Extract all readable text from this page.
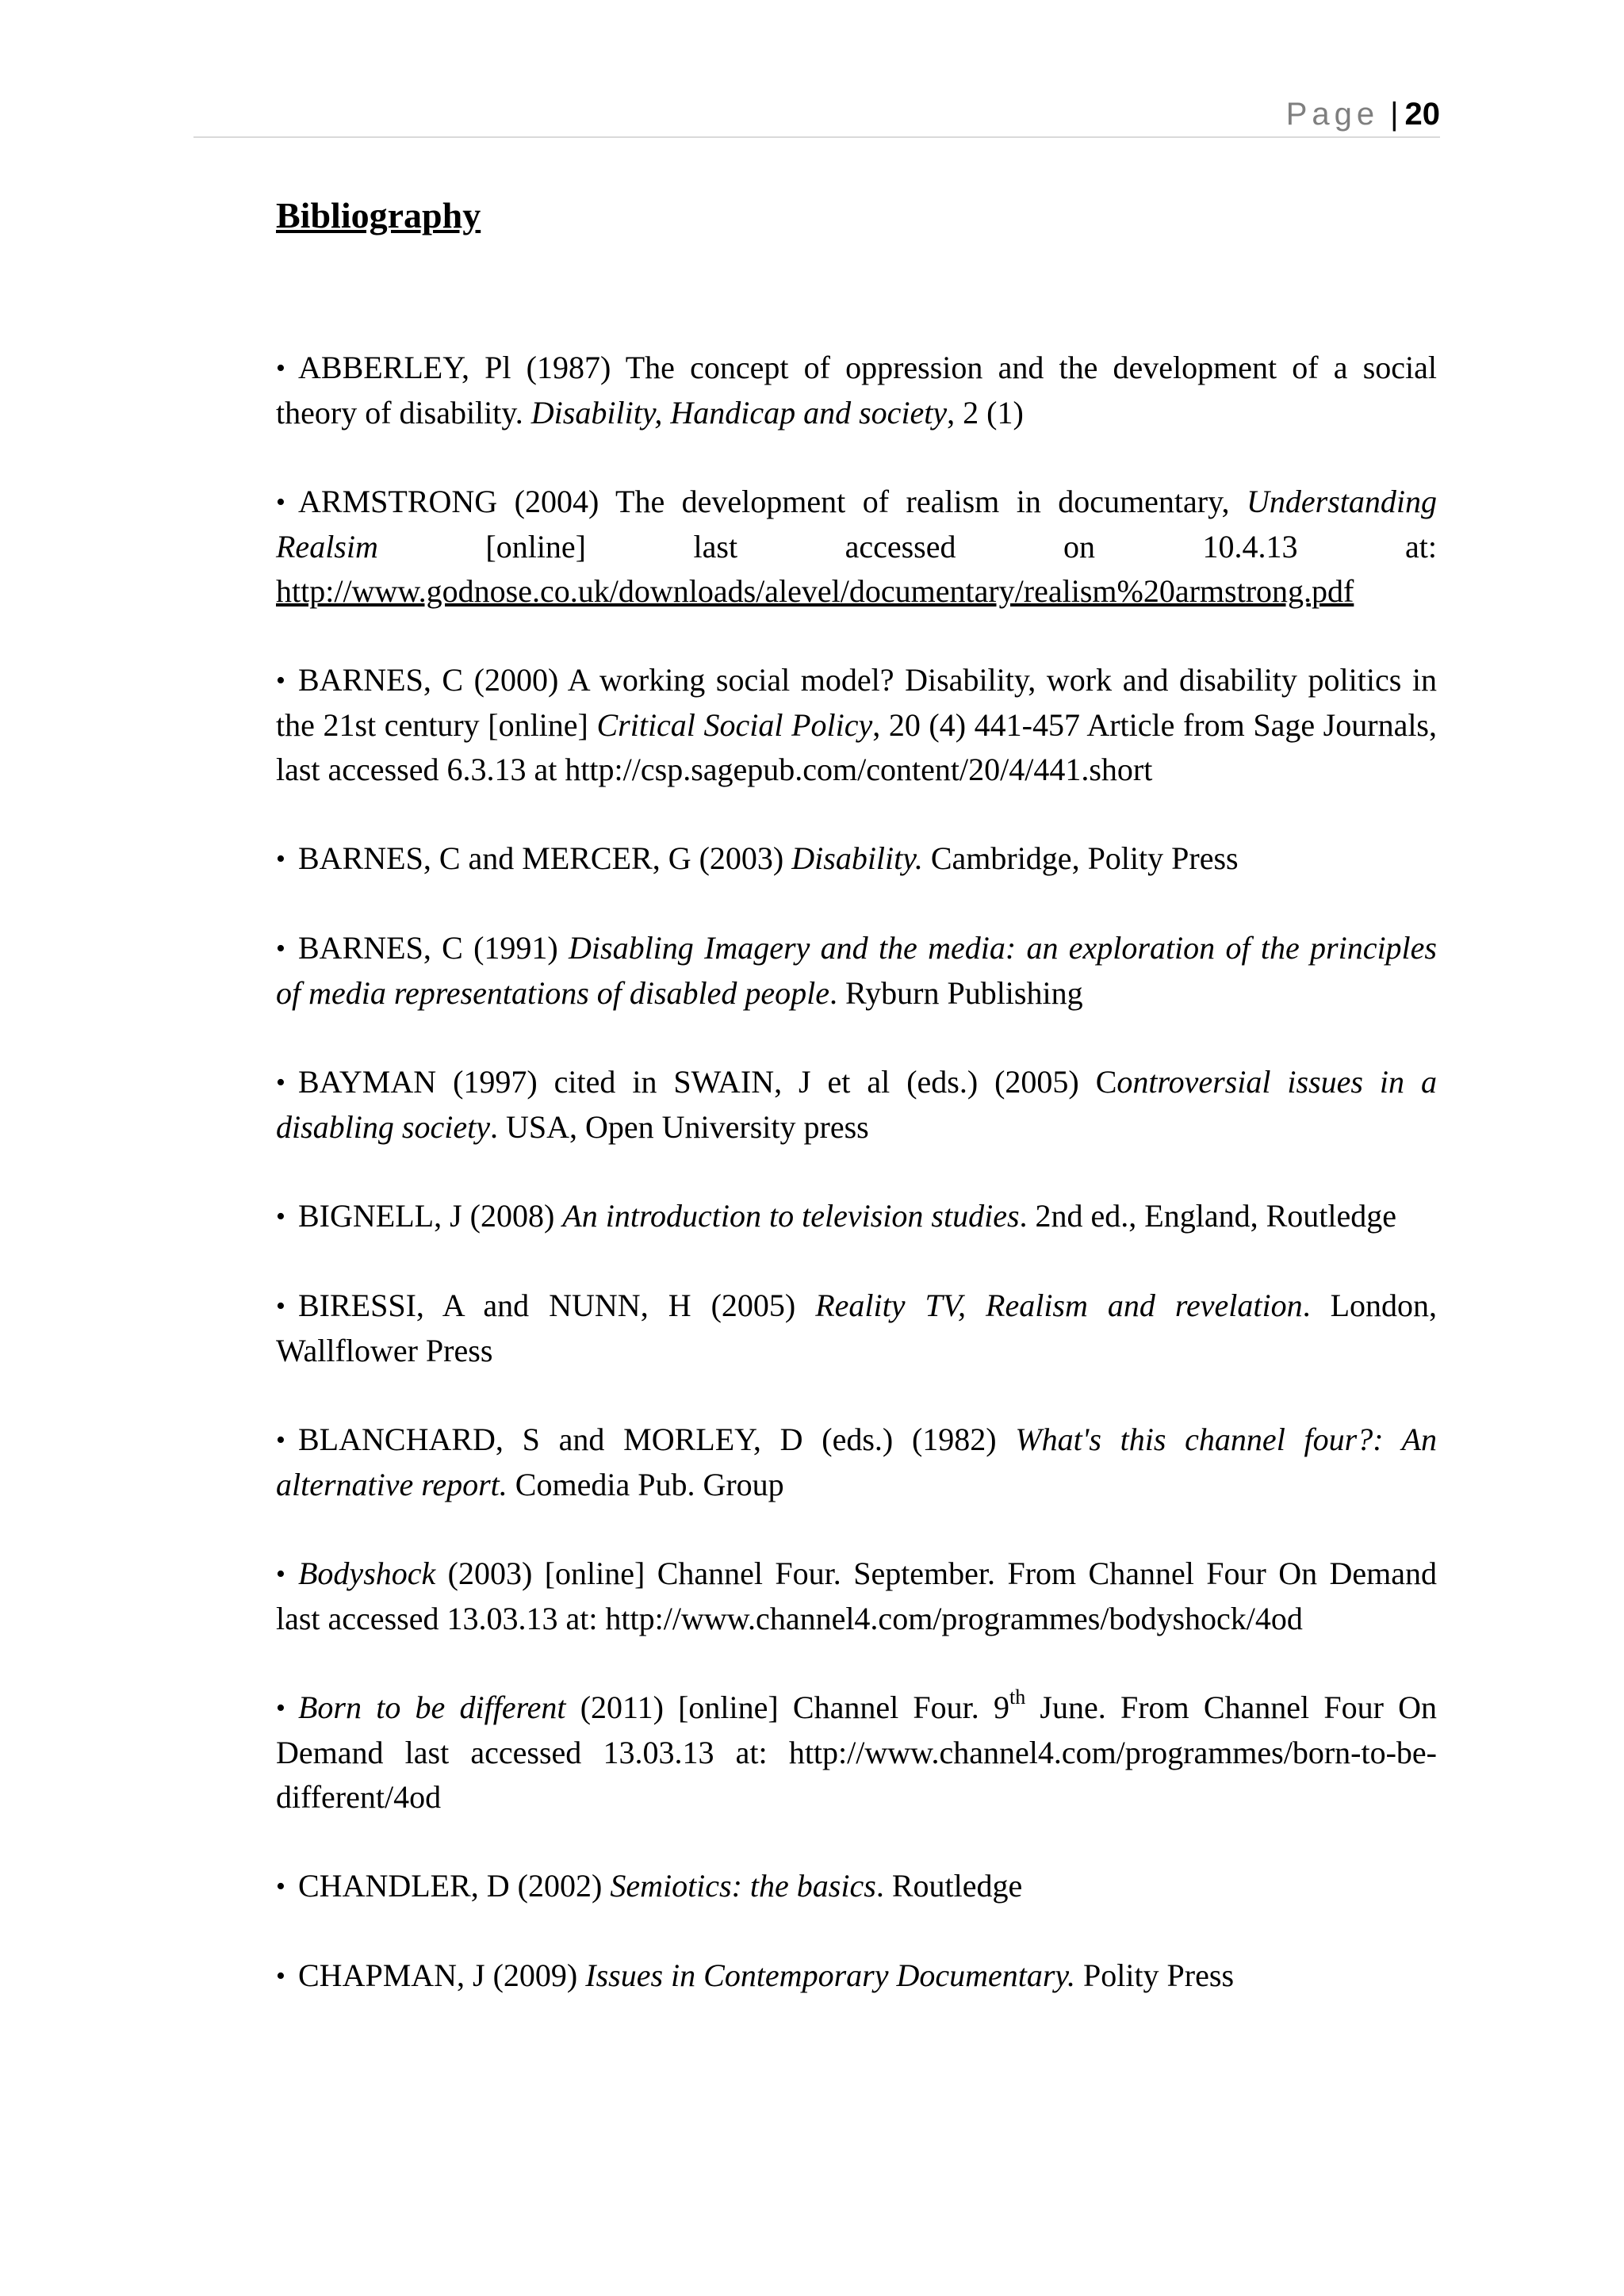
Page | 20
Bibliography
• ABBERLEY, Pl (1987) The concept of oppression and the development of a social theory of disability. Disability, Handicap and society, 2 (1)
• ARMSTRONG (2004) The development of realism in documentary, Understanding Realsim [online] last accessed on 10.4.13 at: http://www.godnose.co.uk/downloads/alevel/documentary/realism%20armstrong.pdf
• BARNES, C (2000) A working social model? Disability, work and disability politics in the 21st century [online] Critical Social Policy, 20 (4) 441-457 Article from Sage Journals, last accessed 6.3.13 at http://csp.sagepub.com/content/20/4/441.short
• BARNES, C and MERCER, G (2003) Disability. Cambridge, Polity Press
• BARNES, C (1991) Disabling Imagery and the media: an exploration of the principles of media representations of disabled people. Ryburn Publishing
• BAYMAN (1997) cited in SWAIN, J et al (eds.) (2005) Controversial issues in a disabling society. USA, Open University press
• BIGNELL, J (2008) An introduction to television studies. 2nd ed., England, Routledge
• BIRESSI, A and NUNN, H (2005) Reality TV, Realism and revelation. London, Wallflower Press
• BLANCHARD, S and MORLEY, D (eds.) (1982) What's this channel four?: An alternative report. Comedia Pub. Group
• Bodyshock (2003) [online] Channel Four. September. From Channel Four On Demand last accessed 13.03.13 at: http://www.channel4.com/programmes/bodyshock/4od
• Born to be different (2011) [online] Channel Four. 9th June. From Channel Four On Demand last accessed 13.03.13 at: http://www.channel4.com/programmes/born-to-be-different/4od
• CHANDLER, D (2002) Semiotics: the basics. Routledge
• CHAPMAN, J (2009) Issues in Contemporary Documentary. Polity Press
